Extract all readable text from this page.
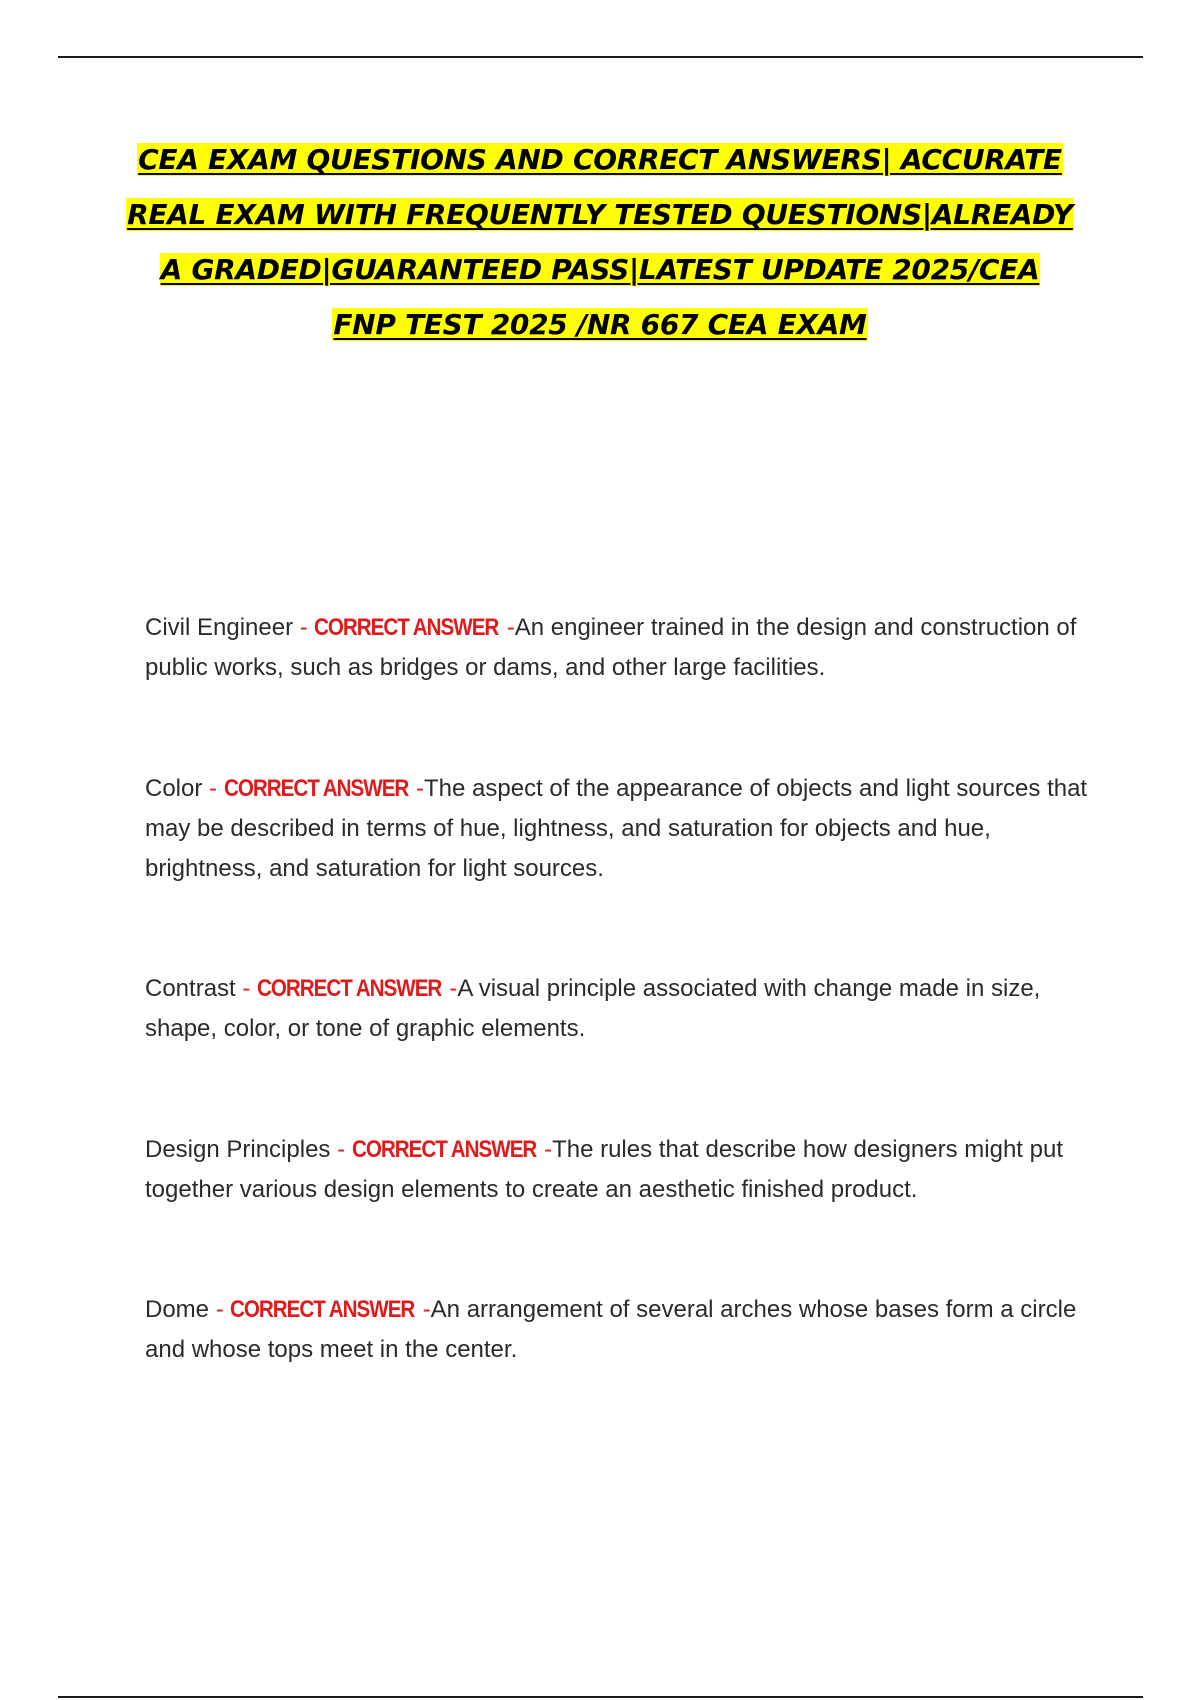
CEA EXAM QUESTIONS AND CORRECT ANSWERS| ACCURATE
REAL EXAM WITH FREQUENTLY TESTED QUESTIONS|ALREADY
A GRADED|GUARANTEED PASS|LATEST UPDATE 2025/CEA
FNP TEST 2025 /NR 667 CEA EXAM
Civil Engineer - CORRECT ANSWER -An engineer trained in the design and construction of public works, such as bridges or dams, and other large facilities.
Color - CORRECT ANSWER -The aspect of the appearance of objects and light sources that may be described in terms of hue, lightness, and saturation for objects and hue, brightness, and saturation for light sources.
Contrast - CORRECT ANSWER -A visual principle associated with change made in size, shape, color, or tone of graphic elements.
Design Principles - CORRECT ANSWER -The rules that describe how designers might put together various design elements to create an aesthetic finished product.
Dome - CORRECT ANSWER -An arrangement of several arches whose bases form a circle and whose tops meet in the center.
